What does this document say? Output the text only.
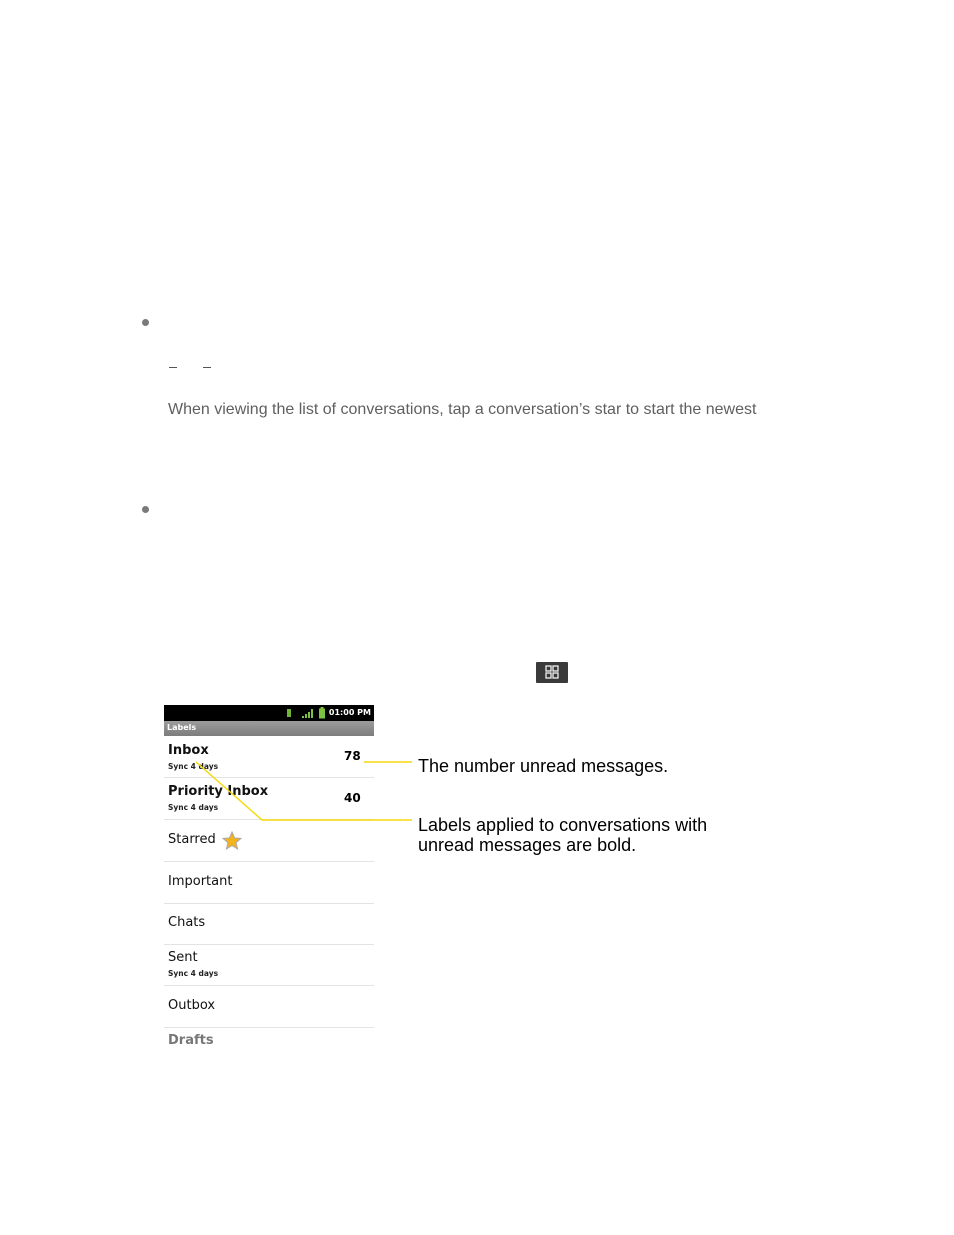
When viewing the list of conversations, tap a conversation’s star to start the newest
01:00 PM
Labels
Inbox
Sync 4 days
78
Priority Inbox
Sync 4 days
40
Starred
Important
Chats
Sent
Sync 4 days
Outbox
Drafts
The number unread messages.
Labels applied to conversations with
unread messages are bold.
